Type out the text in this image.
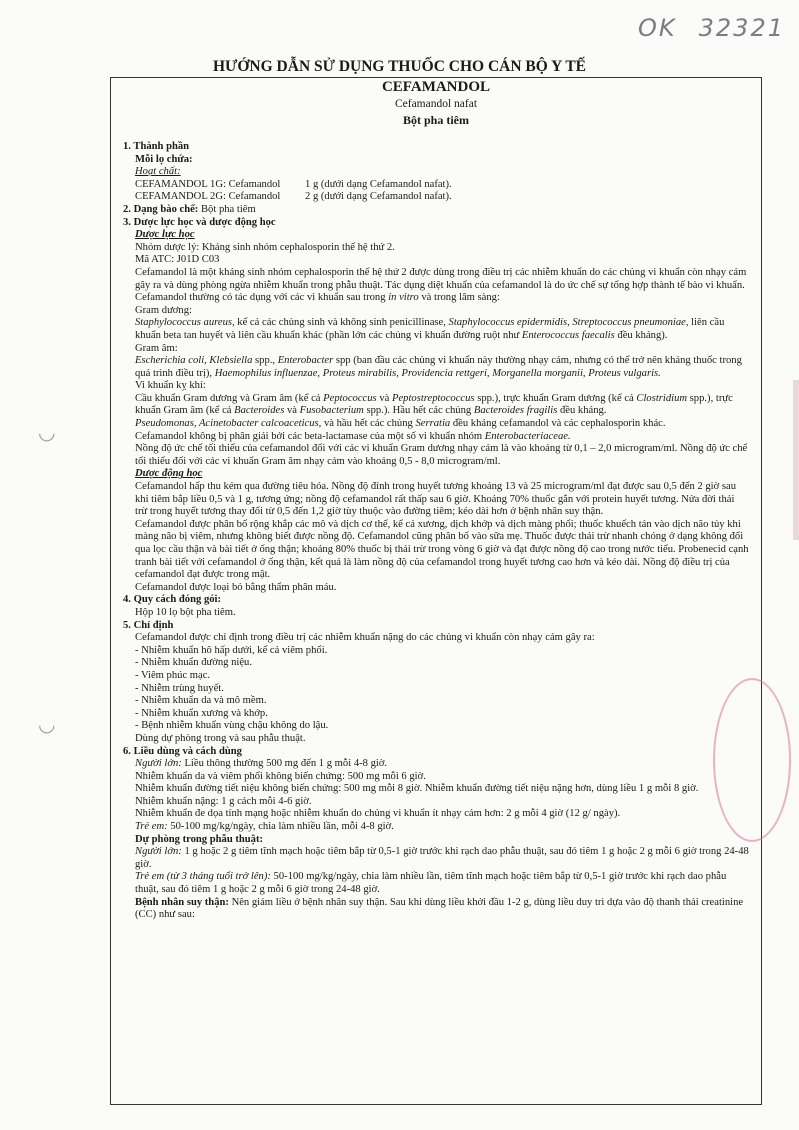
OK 32321
HƯỚNG DẪN SỬ DỤNG THUỐC CHO CÁN BỘ Y TẾ
◡
◡
CEFAMANDOL
Cefamandol nafat
Bột pha tiêm

1. Thành phần

Mỗi lọ chứa:

Hoạt chất:

CEFAMANDOL 1G: Cefamandol	1 g (dưới dạng Cefamandol nafat).
CEFAMANDOL 2G: Cefamandol	2 g (dưới dạng Cefamandol nafat).

2. Dạng bào chế: Bột pha tiêm

3. Dược lực học và dược động học

Dược lực học

Nhóm dược lý: Kháng sinh nhóm cephalosporin thế hệ thứ 2.

Mã ATC: J01D C03

Cefamandol là một kháng sinh nhóm cephalosporin thế hệ thứ 2 được dùng trong điều trị các nhiễm khuẩn do các chủng vi khuẩn còn nhạy cảm gây ra và dùng phòng ngừa nhiễm khuẩn trong phẫu thuật. Tác dụng diệt khuẩn của cefamandol là do ức chế sự tổng hợp thành tế bào vi khuẩn. Cefamandol thường có tác dụng với các vi khuẩn sau trong in vitro và trong lâm sàng:

Gram dương:

Staphylococcus aureus, kể cả các chủng sinh và không sinh penicillinase, Staphylococcus epidermidis, Streptococcus pneumoniae, liên cầu khuẩn beta tan huyết và liên cầu khuẩn khác (phần lớn các chủng vi khuẩn đường ruột như Enterococcus faecalis đều kháng).

Gram âm:

Escherichia coli, Klebsiella spp., Enterobacter spp (ban đầu các chủng vi khuẩn này thường nhạy cảm, nhưng có thể trở nên kháng thuốc trong quá trình điều trị), Haemophilus influenzae, Proteus mirabilis, Providencia rettgeri, Morganella morganii, Proteus vulgaris.

Vi khuẩn kỵ khí:

Cầu khuẩn Gram dương và Gram âm (kể cả Peptococcus và Peptostreptococcus spp.), trực khuẩn Gram dương (kể cả Clostridium spp.), trực khuẩn Gram âm (kể cả Bacteroides và Fusobacterium spp.). Hầu hết các chủng Bacteroides fragilis đều kháng.

Pseudomonas, Acinetobacter calcoaceticus, và hầu hết các chủng Serratia đều kháng cefamandol và các cephalosporin khác.

Cefamandol không bị phân giải bởi các beta-lactamase của một số vi khuẩn nhóm Enterobacteriaceae.

Nồng độ ức chế tối thiểu của cefamandol đối với các vi khuẩn Gram dương nhạy cảm là vào khoảng từ 0,1 – 2,0 microgram/ml. Nồng độ ức chế tối thiểu đối với các vi khuẩn Gram âm nhạy cảm vào khoảng 0,5 - 8,0 microgram/ml.

Dược động học

Cefamandol hấp thu kém qua đường tiêu hóa. Nồng độ đỉnh trong huyết tương khoảng 13 và 25 microgram/ml đạt được sau 0,5 đến 2 giờ sau khi tiêm bắp liều 0,5 và 1 g, tương ứng; nồng độ cefamandol rất thấp sau 6 giờ. Khoảng 70% thuốc gắn với protein huyết tương. Nửa đời thải trừ trong huyết tương thay đổi từ 0,5 đến 1,2 giờ tùy thuộc vào đường tiêm; kéo dài hơn ở bệnh nhân suy thận.

Cefamandol được phân bố rộng khắp các mô và dịch cơ thể, kể cả xương, dịch khớp và dịch màng phổi; thuốc khuếch tán vào dịch não tủy khi màng não bị viêm, nhưng không biết được nồng độ. Cefamandol cũng phân bố vào sữa mẹ. Thuốc được thải trừ nhanh chóng ở dạng không đổi qua lọc cầu thận và bài tiết ở ống thận; khoảng 80% thuốc bị thải trừ trong vòng 6 giờ và đạt được nồng độ cao trong nước tiểu. Probenecid cạnh tranh bài tiết với cefamandol ở ống thận, kết quả là làm nồng độ của cefamandol trong huyết tương cao hơn và kéo dài. Nồng độ điều trị của cefamandol đạt được trong mật.

Cefamandol được loại bỏ bằng thẩm phân máu.

4. Quy cách đóng gói:

Hộp 10 lọ bột pha tiêm.

5. Chỉ định

Cefamandol được chỉ định trong điều trị các nhiễm khuẩn nặng do các chủng vi khuẩn còn nhạy cảm gây ra:

- Nhiễm khuẩn hô hấp dưới, kể cả viêm phổi.
- Nhiễm khuẩn đường niệu.
- Viêm phúc mạc.
- Nhiễm trùng huyết.
- Nhiễm khuẩn da và mô mềm.
- Nhiễm khuẩn xương và khớp.
- Bệnh nhiễm khuẩn vùng chậu không do lậu.

Dùng dự phòng trong và sau phẫu thuật.

6. Liều dùng và cách dùng

Người lớn: Liều thông thường 500 mg đến 1 g mỗi 4-8 giờ.

Nhiễm khuẩn da và viêm phổi không biến chứng: 500 mg mỗi 6 giờ.

Nhiễm khuẩn đường tiết niệu không biến chứng: 500 mg mỗi 8 giờ. Nhiễm khuẩn đường tiết niệu nặng hơn, dùng liều 1 g mỗi 8 giờ.

Nhiễm khuẩn nặng: 1 g cách mỗi 4-6 giờ.

Nhiễm khuẩn đe dọa tính mạng hoặc nhiễm khuẩn do chủng vi khuẩn ít nhạy cảm hơn: 2 g mỗi 4 giờ (12 g/ ngày).

Trẻ em: 50-100 mg/kg/ngày, chia làm nhiều lần, mỗi 4-8 giờ.

Dự phòng trong phẫu thuật:

Người lớn: 1 g hoặc 2 g tiêm tĩnh mạch hoặc tiêm bắp từ 0,5-1 giờ trước khi rạch dao phẫu thuật, sau đó tiêm 1 g hoặc 2 g mỗi 6 giờ trong 24-48 giờ.

Trẻ em (từ 3 tháng tuổi trở lên): 50-100 mg/kg/ngày, chia làm nhiều lần, tiêm tĩnh mạch hoặc tiêm bắp từ 0,5-1 giờ trước khi rạch dao phẫu thuật, sau đó tiêm 1 g hoặc 2 g mỗi 6 giờ trong 24-48 giờ.

Bệnh nhân suy thận: Nên giảm liều ở bệnh nhân suy thận. Sau khi dùng liều khởi đầu 1-2 g, dùng liều duy trì dựa vào độ thanh thải creatinine (CC) như sau:
